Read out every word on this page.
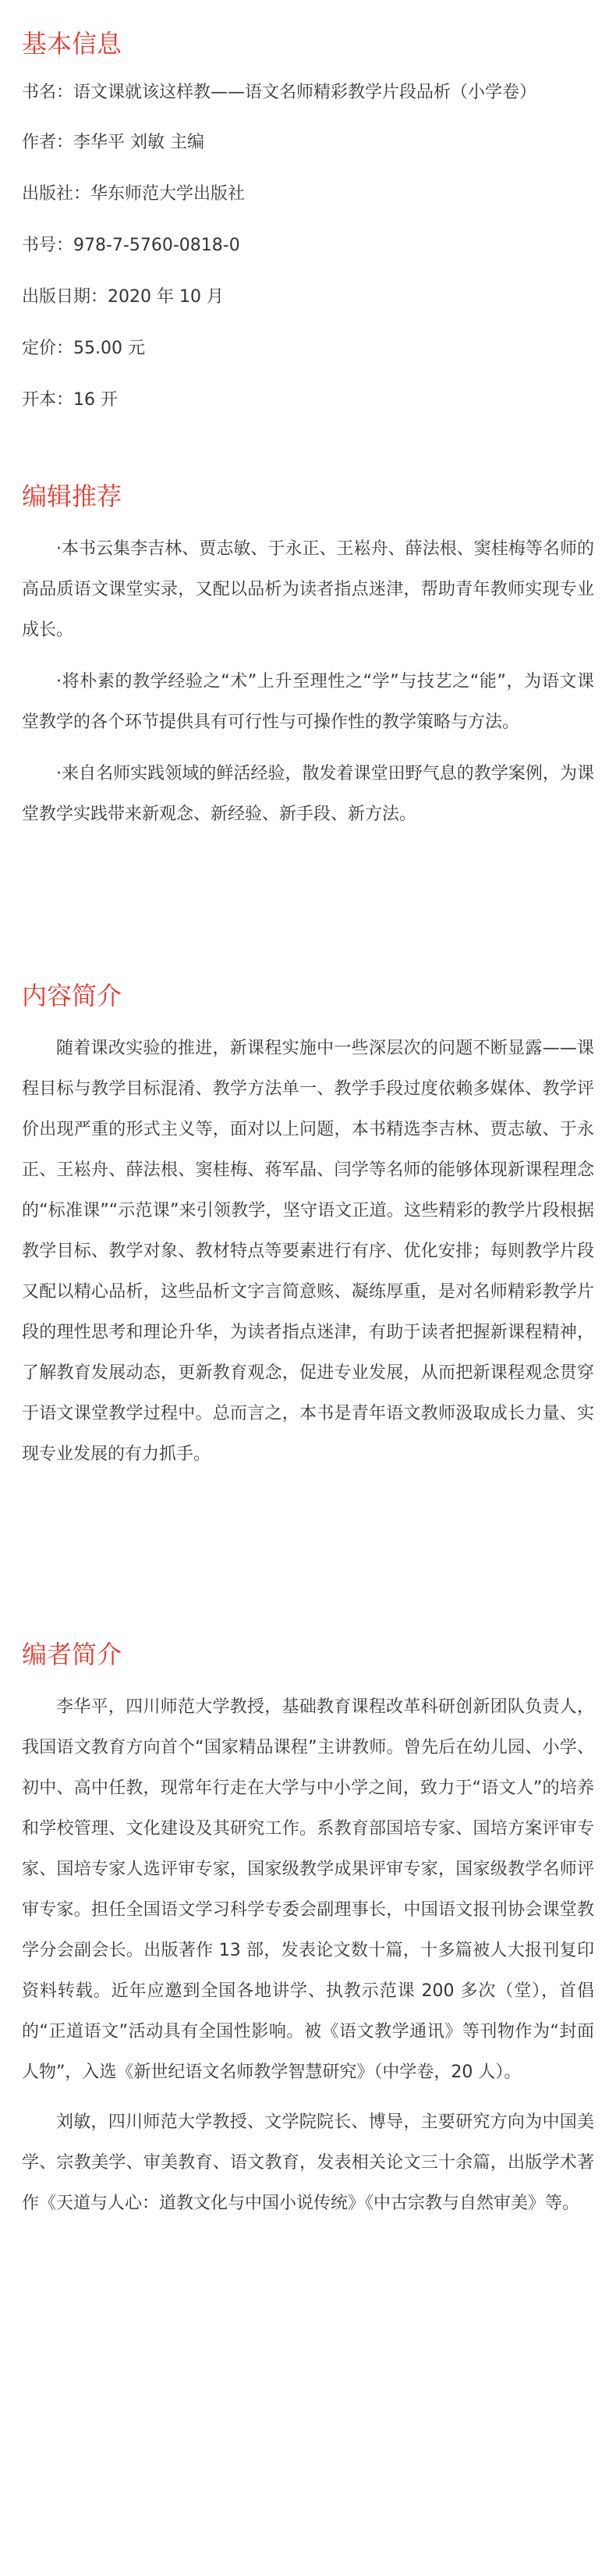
基本信息

书名：语文课就该这样教——语文名师精彩教学片段品析（小学卷）

作者：李华平 刘敏 主编

出版社：华东师范大学出版社

书号：978-7-5760-0818-0

出版日期：2020 年 10 月

定价：55.00 元

开本：16 开

编辑推荐

·本书云集李吉林、贾志敏、于永正、王崧舟、薛法根、窦桂梅等名师的高品质语文课堂实录，又配以品析为读者指点迷津，帮助青年教师实现专业成长。

·将朴素的教学经验之“术”上升至理性之“学”与技艺之“能”，为语文课堂教学的各个环节提供具有可行性与可操作性的教学策略与方法。

·来自名师实践领域的鲜活经验，散发着课堂田野气息的教学案例，为课堂教学实践带来新观念、新经验、新手段、新方法。

内容简介

随着课改实验的推进，新课程实施中一些深层次的问题不断显露——课程目标与教学目标混淆、教学方法单一、教学手段过度依赖多媒体、教学评价出现严重的形式主义等，面对以上问题，本书精选李吉林、贾志敏、于永正、王崧舟、薛法根、窦桂梅、蒋军晶、闫学等名师的能够体现新课程理念的“标准课”“示范课”来引领教学，坚守语文正道。这些精彩的教学片段根据教学目标、教学对象、教材特点等要素进行有序、优化安排；每则教学片段又配以精心品析，这些品析文字言简意赅、凝练厚重，是对名师精彩教学片段的理性思考和理论升华，为读者指点迷津，有助于读者把握新课程精神，了解教育发展动态，更新教育观念，促进专业发展，从而把新课程观念贯穿于语文课堂教学过程中。总而言之，本书是青年语文教师汲取成长力量、实现专业发展的有力抓手。

编者简介

李华平，四川师范大学教授，基础教育课程改革科研创新团队负责人，我国语文教育方向首个“国家精品课程”主讲教师。曾先后在幼儿园、小学、初中、高中任教，现常年行走在大学与中小学之间，致力于“语文人”的培养和学校管理、文化建设及其研究工作。系教育部国培专家、国培方案评审专家、国培专家人选评审专家，国家级教学成果评审专家，国家级教学名师评审专家。担任全国语文学习科学专委会副理事长，中国语文报刊协会课堂教学分会副会长。出版著作 13 部，发表论文数十篇，十多篇被人大报刊复印资料转载。近年应邀到全国各地讲学、执教示范课 200 多次（堂），首倡的“正道语文”活动具有全国性影响。被《语文教学通讯》等刊物作为“封面人物”，入选《新世纪语文名师教学智慧研究》（中学卷，20 人）。

刘敏，四川师范大学教授、文学院院长、博导，主要研究方向为中国美学、宗教美学、审美教育、语文教育，发表相关论文三十余篇，出版学术著作《天道与人心：道教文化与中国小说传统》《中古宗教与自然审美》等。
